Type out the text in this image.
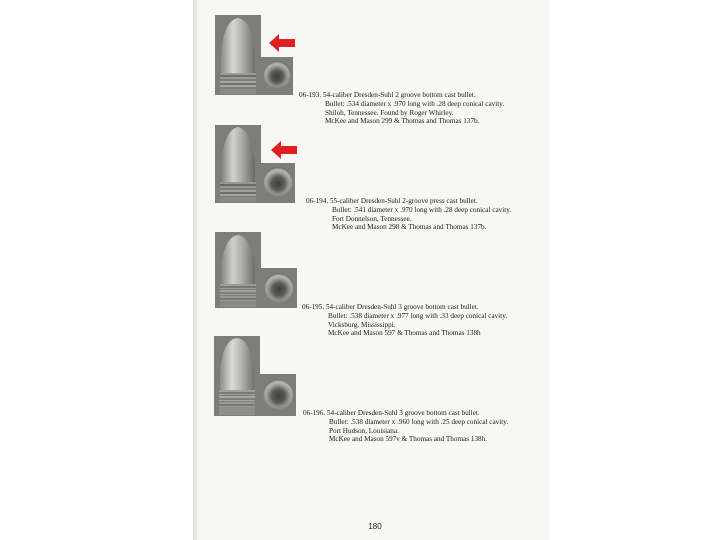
06-193. 54-caliber Dresden-Suhl 2 groove bottom cast bullet.
Bullet: .534 diameter x .970 long with .28 deep conical cavity.
Shiloh, Tennessee. Found by Roger Whirley.
McKee and Mason 299 & Thomas and Thomas 137b.
06-194. 55-caliber Dresden-Suhl 2-groove press cast bullet.
Bullet: .541 diameter x .970 long with .28 deep conical cavity.
Fort Donnelson, Tennessee.
McKee and Mason 298 & Thomas and Thomas 137b.
06-195. 54-caliber Dresden-Suhl 3 groove bottom cast bullet.
Bullet: .538 diameter x .977 long with .33 deep conical cavity.
Vicksburg, Mississippi.
McKee and Mason 597 & Thomas and Thomas 138h
06-196. 54-caliber Dresden-Suhl 3 groove bottom cast bullet.
Bullet: .538 diameter x .960 long with .25 deep conical cavity.
Port Hudson, Louisiana.
McKee and Mason 597v & Thomas and Thomas 138h.
180
